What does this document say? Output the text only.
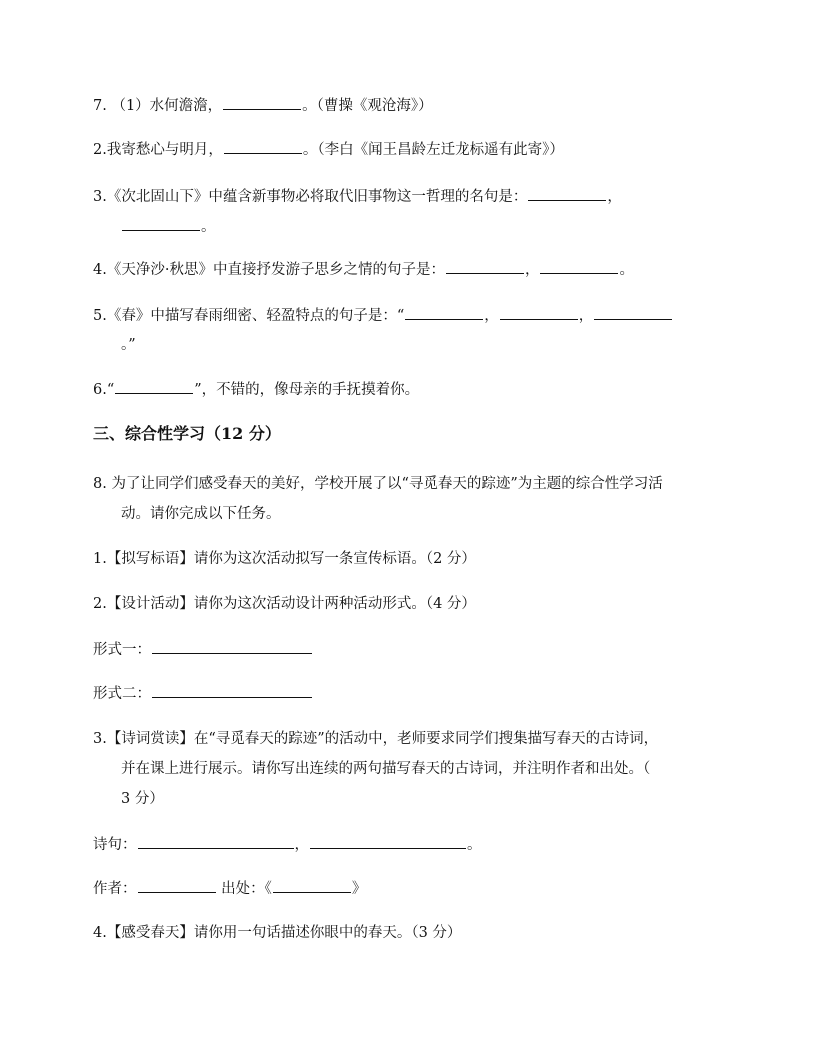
7. （1）水何澹澹，	。（曹操《观沧海》）
2.我寄愁心与明月，	。（李白《闻王昌龄左迁龙标遥有此寄》）
3.《次北固山下》中蕴含新事物必将取代旧事物这一哲理的名句是：	，
。
4.《天净沙·秋思》中直接抒发游子思乡之情的句子是：	，	。
5.《春》中描写春雨细密、轻盈特点的句子是：“	，	，
。”
6.“	”，不错的，像母亲的手抚摸着你。
三、综合性学习（12 分）
8. 为了让同学们感受春天的美好，学校开展了以“寻觅春天的踪迹”为主题的综合性学习活
动。请你完成以下任务。
1.【拟写标语】请你为这次活动拟写一条宣传标语。（2 分）
2.【设计活动】请你为这次活动设计两种活动形式。（4 分）
形式一：
形式二：
3.【诗词赏读】在“寻觅春天的踪迹”的活动中，老师要求同学们搜集描写春天的古诗词，
并在课上进行展示。请你写出连续的两句描写春天的古诗词，并注明作者和出处。（
3 分）
诗句：	，	。
作者：	出处：《	》
4.【感受春天】请你用一句话描述你眼中的春天。（3 分）
